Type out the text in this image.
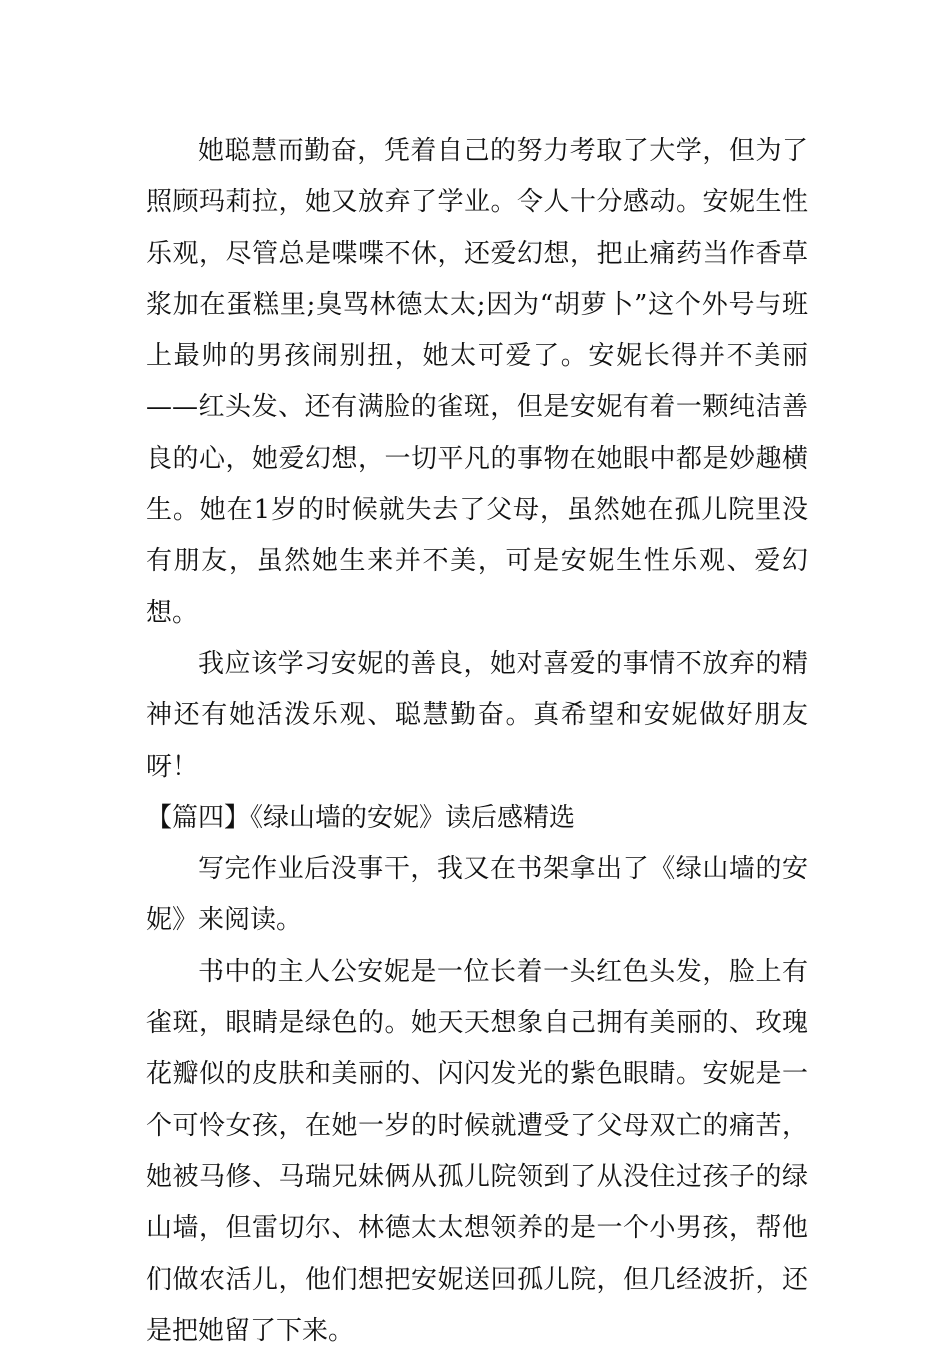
她聪慧而勤奋，凭着自己的努力考取了大学，但为了照顾玛莉拉，她又放弃了学业。令人十分感动。安妮生性乐观，尽管总是喋喋不休，还爱幻想，把止痛药当作香草浆加在蛋糕里;臭骂林德太太;因为“胡萝卜”这个外号与班上最帅的男孩闹别扭，她太可爱了。安妮长得并不美丽——红头发、还有满脸的雀斑，但是安妮有着一颗纯洁善良的心，她爱幻想，一切平凡的事物在她眼中都是妙趣横生。她在1岁的时候就失去了父母，虽然她在孤儿院里没有朋友，虽然她生来并不美，可是安妮生性乐观、爱幻想。

我应该学习安妮的善良，她对喜爱的事情不放弃的精神还有她活泼乐观、聪慧勤奋。真希望和安妮做好朋友呀！

【篇四】《绿山墙的安妮》读后感精选

写完作业后没事干，我又在书架拿出了《绿山墙的安妮》来阅读。

书中的主人公安妮是一位长着一头红色头发，脸上有雀斑，眼睛是绿色的。她天天想象自己拥有美丽的、玫瑰花瓣似的皮肤和美丽的、闪闪发光的紫色眼睛。安妮是一个可怜女孩，在她一岁的时候就遭受了父母双亡的痛苦，她被马修、马瑞兄妹俩从孤儿院领到了从没住过孩子的绿山墙，但雷切尔、林德太太想领养的是一个小男孩，帮他们做农活儿，他们想把安妮送回孤儿院，但几经波折，还是把她留了下来。
